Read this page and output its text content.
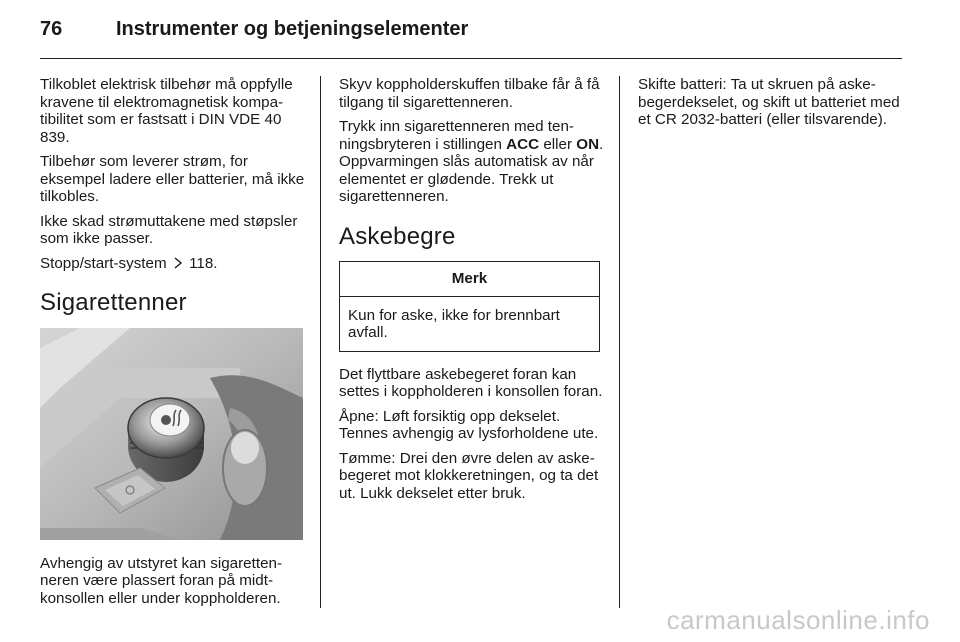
76	Instrumenter og betjeningselementer

Tilkoblet elektrisk tilbehør må oppfylle kravene til elektromagnetisk kompatibilitet som er fastsatt i DIN VDE 40 839.

Tilbehør som leverer strøm, for eksempel ladere eller batterier, må ikke tilkobles.

Ikke skad strømuttakene med støpsler som ikke passer.

Stopp/start-system 118.

Sigarettenner

Avhengig av utstyret kan sigarettenneren være plassert foran på midtkonsollen eller under koppholderen.

Skyv koppholderskuffen tilbake får å få tilgang til sigarettenneren.

Trykk inn sigarettenneren med tenningsbryteren i stillingen ACC eller ON. Oppvarmingen slås automatisk av når elementet er glødende. Trekk ut sigarettenneren.

Askebegre
Merk
Kun for aske, ikke for brennbart avfall.

Det flyttbare askebegeret foran kan settes i koppholderen i konsollen foran.

Åpne: Løft forsiktig opp dekselet. Tennes avhengig av lysforholdene ute.

Tømme: Drei den øvre delen av askebegeret mot klokkeretningen, og ta det ut. Lukk dekselet etter bruk.

Skifte batteri: Ta ut skruen på askebegerdekselet, og skift ut batteriet med et CR 2032-batteri (eller tilsvarende).

carmanualsonline.info
